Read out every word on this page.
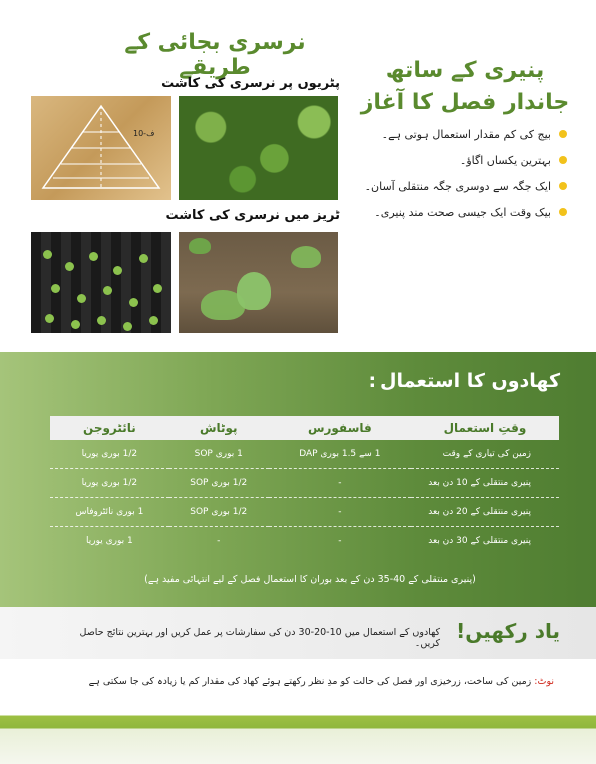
نرسری بجائی کے طریقے
پٹریوں پر نرسری کی کاشت
10-ف
ٹریز میں نرسری کی کاشت
پنیری کے ساتھ
جاندار فصل کا آغاز
بیج کی کم مقدار استعمال ہوتی ہے۔
بہترین یکساں اگاؤ۔
ایک جگہ سے دوسری جگہ منتقلی آسان۔
بیک وقت ایک جیسی صحت مند پنیری۔
کھادوں کا استعمال:
وقتِ استعمال	فاسفورس	پوٹاش	نائٹروجن
زمین کی تیاری کے وقت	1 سے 1.5 بوری DAP	1 بوری SOP	1/2 بوری یوریا
پنیری منتقلی کے 10 دن بعد	-	1/2 بوری SOP	1/2 بوری یوریا
پنیری منتقلی کے 20 دن بعد	-	1/2 بوری SOP	1 بوری نائٹروفاس
پنیری منتقلی کے 30 دن بعد	-	-	1 بوری یوریا
(پنیری منتقلی کے 40-35 دن کے بعد بوران کا استعمال فصل کے لیے انتہائی مفید ہے)
یاد رکھیں!
کھادوں کے استعمال میں 10-20-30 دن کی سفارشات پر عمل کریں اور بہترین نتائج حاصل کریں۔
نوٹ: زمین کی ساخت، زرخیزی اور فصل کی حالت کو مدِ نظر رکھتے ہوئے کھاد کی مقدار کم یا زیادہ کی جا سکتی ہے
